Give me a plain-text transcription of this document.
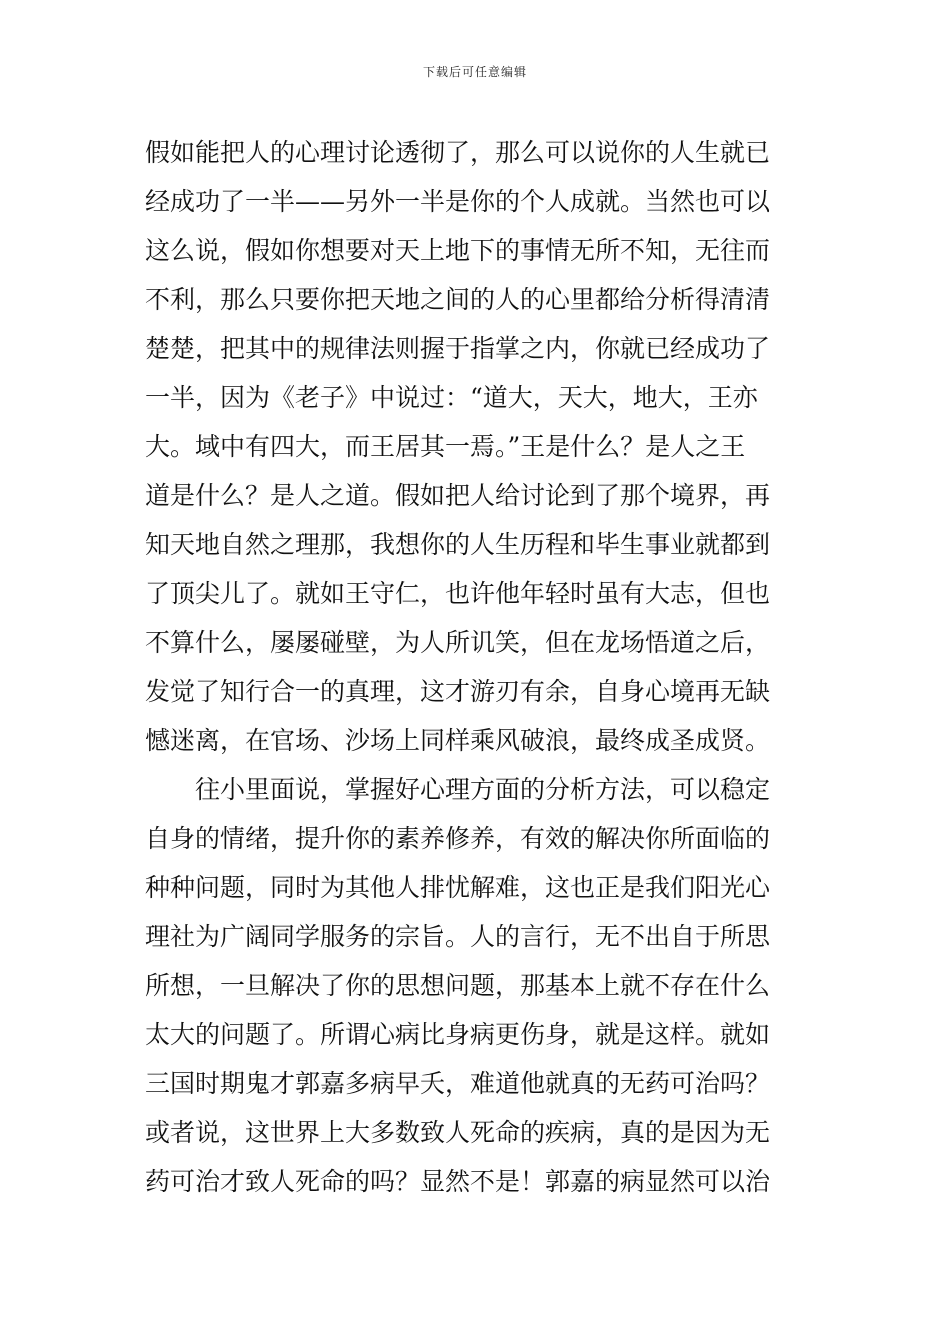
下载后可任意编辑
假如能把人的心理讨论透彻了，那么可以说你的人生就已
经成功了一半——另外一半是你的个人成就。当然也可以
这么说，假如你想要对天上地下的事情无所不知，无往而
不利，那么只要你把天地之间的人的心里都给分析得清清
楚楚，把其中的规律法则握于指掌之内，你就已经成功了
一半，因为《老子》中说过：“道大，天大，地大，王亦
大。域中有四大，而王居其一焉。”王是什么？是人之王
道是什么？是人之道。假如把人给讨论到了那个境界，再
知天地自然之理那，我想你的人生历程和毕生事业就都到
了顶尖儿了。就如王守仁，也许他年轻时虽有大志，但也
不算什么，屡屡碰壁，为人所讥笑，但在龙场悟道之后，
发觉了知行合一的真理，这才游刃有余，自身心境再无缺
憾迷离，在官场、沙场上同样乘风破浪，最终成圣成贤。
　　往小里面说，掌握好心理方面的分析方法，可以稳定
自身的情绪，提升你的素养修养，有效的解决你所面临的
种种问题，同时为其他人排忧解难，这也正是我们阳光心
理社为广阔同学服务的宗旨。人的言行，无不出自于所思
所想，一旦解决了你的思想问题，那基本上就不存在什么
太大的问题了。所谓心病比身病更伤身，就是这样。就如
三国时期鬼才郭嘉多病早夭，难道他就真的无药可治吗？
或者说，这世界上大多数致人死命的疾病，真的是因为无
药可治才致人死命的吗？显然不是！郭嘉的病显然可以治
